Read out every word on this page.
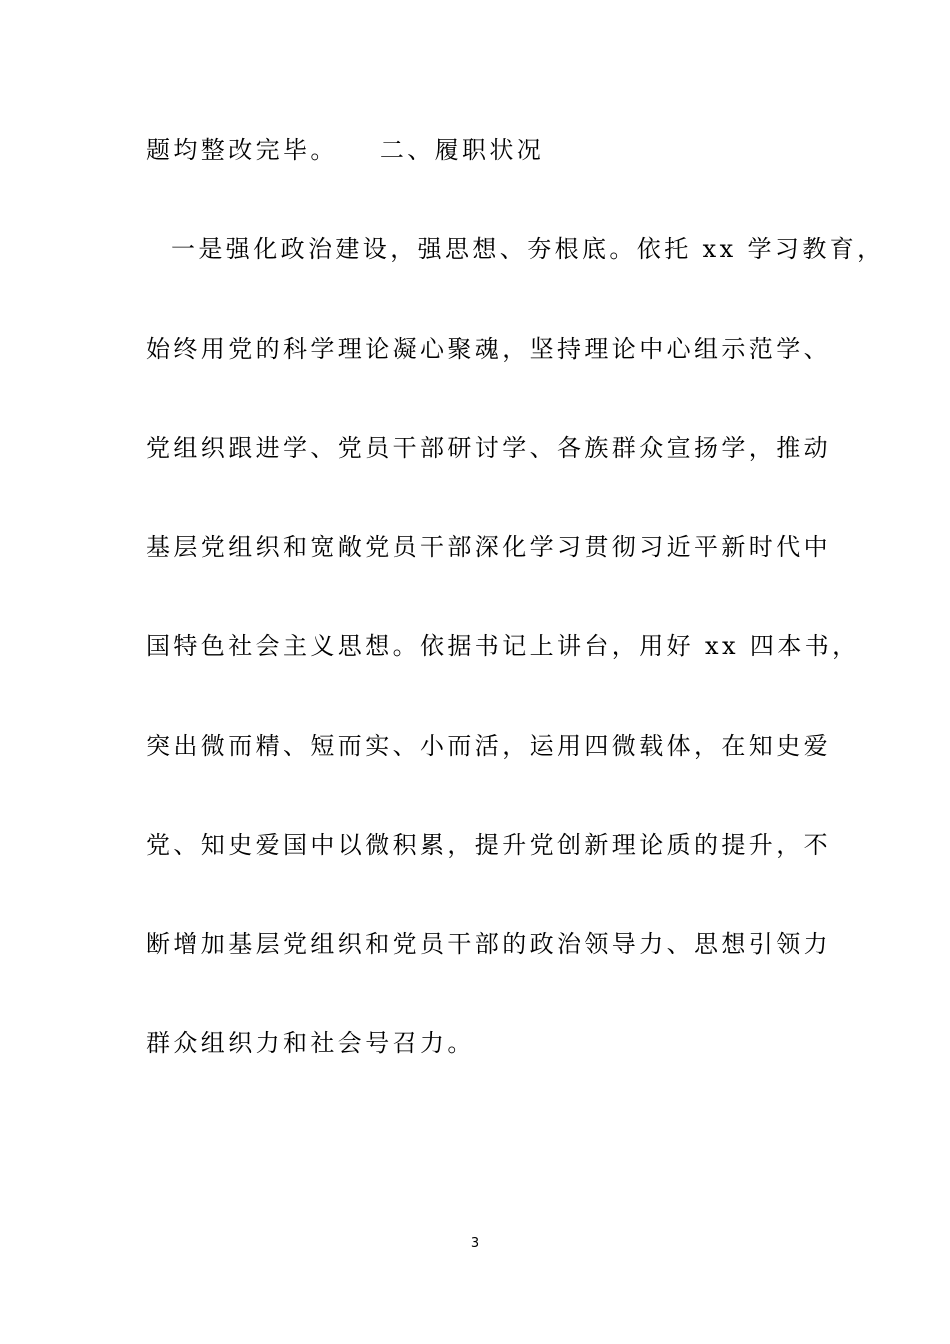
题均整改完毕。 二、履职状况
一是强化政治建设，强思想、夯根底。依托 xx 学习教育，
始终用党的科学理论凝心聚魂，坚持理论中心组示范学、
党组织跟进学、党员干部研讨学、各族群众宣扬学，推动
基层党组织和宽敞党员干部深化学习贯彻习近平新时代中
国特色社会主义思想。依据书记上讲台，用好 xx 四本书，
突出微而精、短而实、小而活，运用四微载体，在知史爱
党、知史爱国中以微积累，提升党创新理论质的提升，不
断增加基层党组织和党员干部的政治领导力、思想引领力
群众组织力和社会号召力。
3
